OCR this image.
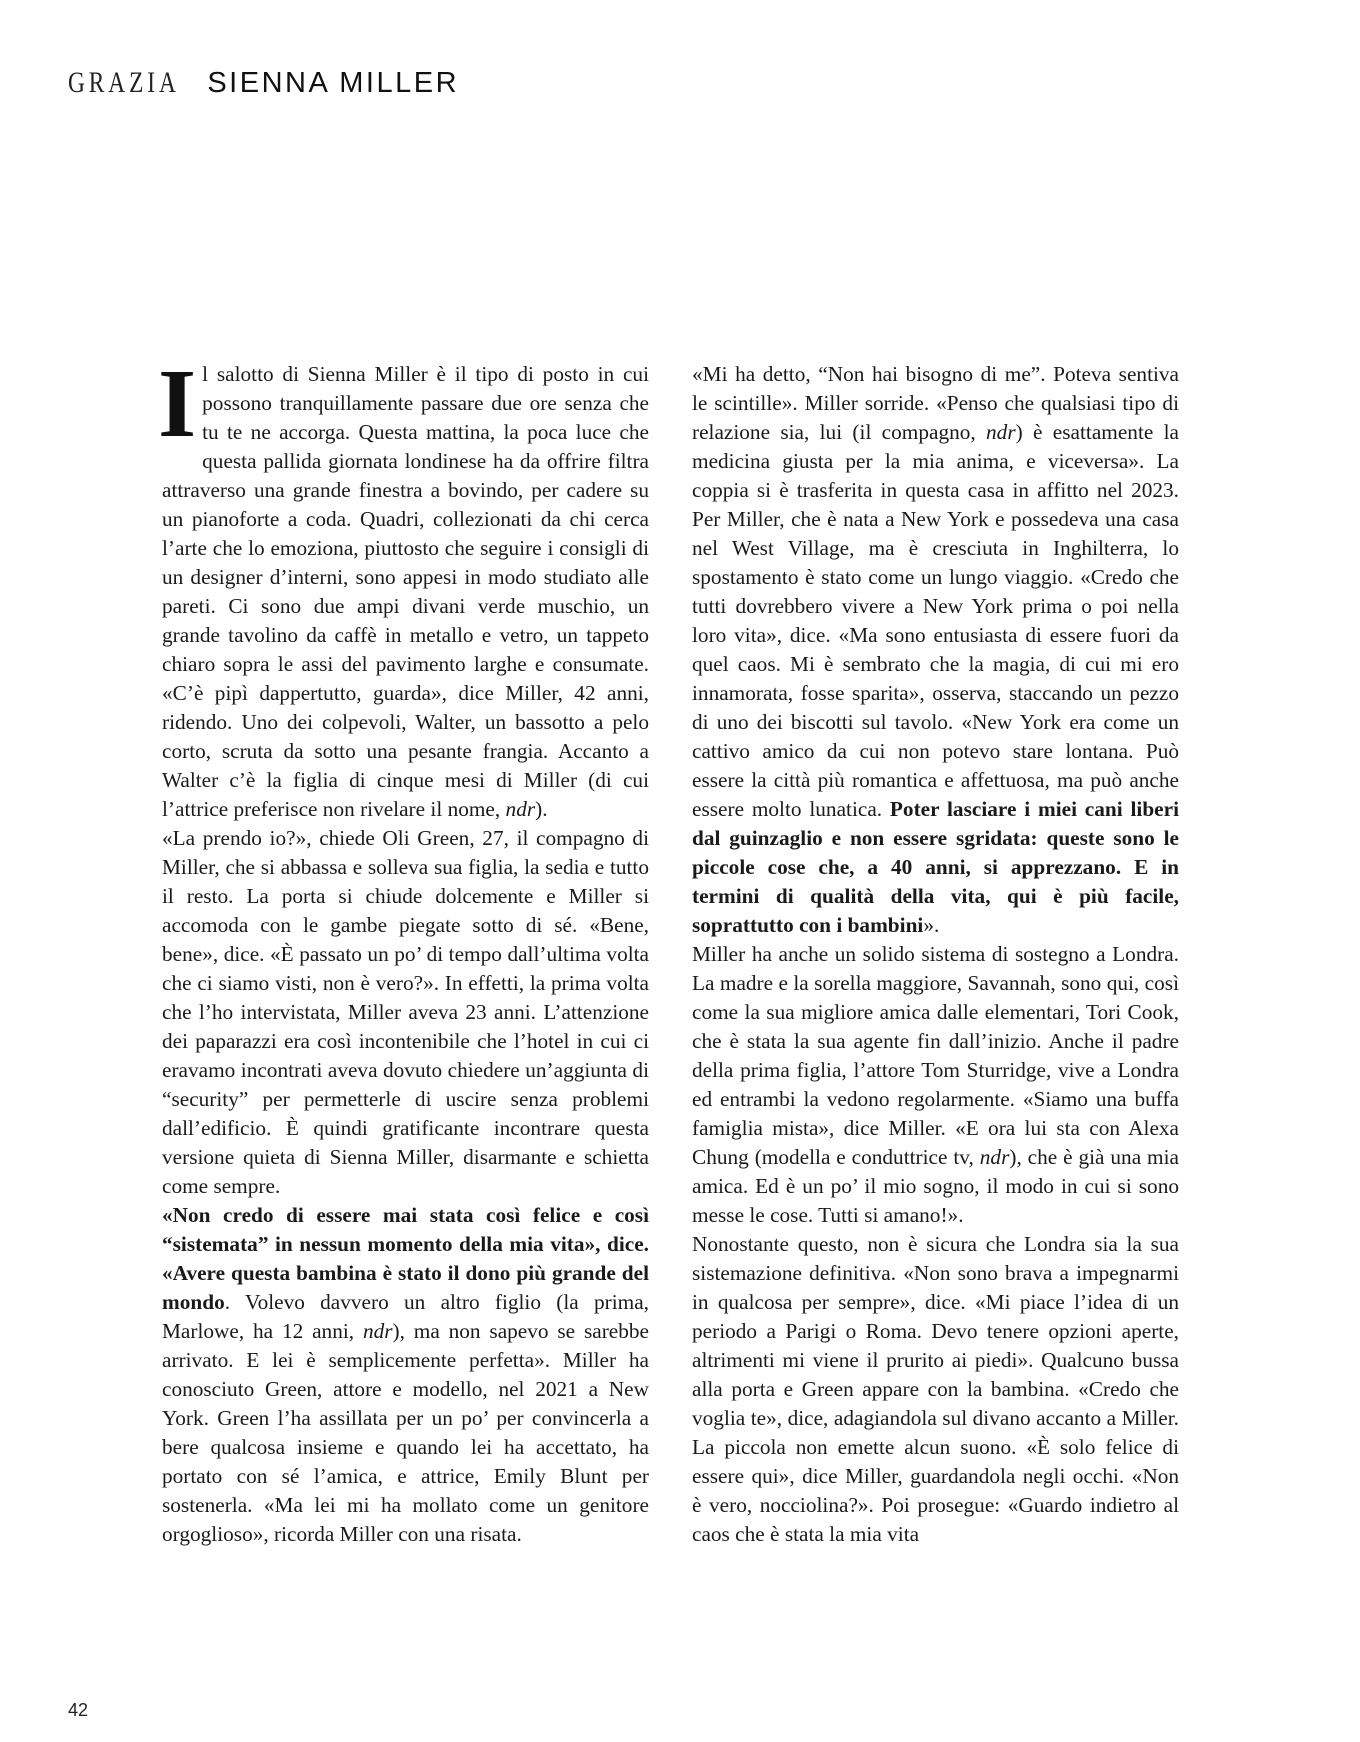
GRAZIA SIENNA MILLER

Il salotto di Sienna Miller è il tipo di posto in cui possono tranquillamente passare due ore senza che tu te ne accorga. Questa mattina, la poca luce che questa pallida giornata londinese ha da offrire filtra attraverso una grande finestra a bovindo, per cadere su un pianoforte a coda. Quadri, collezionati da chi cerca l’arte che lo emoziona, piuttosto che seguire i consigli di un designer d’interni, sono appesi in modo studiato alle pareti. Ci sono due ampi divani verde muschio, un grande tavolino da caffè in metallo e vetro, un tappeto chiaro sopra le assi del pavimento larghe e consumate. «C’è pipì dappertutto, guarda», dice Miller, 42 anni, ridendo. Uno dei colpevoli, Walter, un bassotto a pelo corto, scruta da sotto una pesante frangia. Accanto a Walter c’è la figlia di cinque mesi di Miller (di cui l’attrice preferisce non rivelare il nome, ndr).

«La prendo io?», chiede Oli Green, 27, il compagno di Miller, che si abbassa e solleva sua figlia, la sedia e tutto il resto. La porta si chiude dolcemente e Miller si accomoda con le gambe piegate sotto di sé. «Bene, bene», dice. «È passato un po’ di tempo dall’ultima volta che ci siamo visti, non è vero?». In effetti, la prima volta che l’ho intervistata, Miller aveva 23 anni. L’attenzione dei paparazzi era così incontenibile che l’hotel in cui ci eravamo incontrati aveva dovuto chiedere un’aggiunta di “security” per permetterle di uscire senza problemi dall’edificio. È quindi gratificante incontrare questa versione quieta di Sienna Miller, disarmante e schietta come sempre.

«Non credo di essere mai stata così felice e così “sistemata” in nessun momento della mia vita», dice. «Avere questa bambina è stato il dono più grande del mondo. Volevo davvero un altro figlio (la prima, Marlowe, ha 12 anni, ndr), ma non sapevo se sarebbe arrivato. E lei è semplicemente perfetta». Miller ha conosciuto Green, attore e modello, nel 2021 a New York. Green l’ha assillata per un po’ per convincerla a bere qualcosa insieme e quando lei ha accettato, ha portato con sé l’amica, e attrice, Emily Blunt per sostenerla. «Ma lei mi ha mollato come un genitore orgoglioso», ricorda Miller con una risata.

«Mi ha detto, “Non hai bisogno di me”. Poteva sentiva le scintille». Miller sorride. «Penso che qualsiasi tipo di relazione sia, lui (il compagno, ndr) è esattamente la medicina giusta per la mia anima, e viceversa». La coppia si è trasferita in questa casa in affitto nel 2023. Per Miller, che è nata a New York e possedeva una casa nel West Village, ma è cresciuta in Inghilterra, lo spostamento è stato come un lungo viaggio. «Credo che tutti dovrebbero vivere a New York prima o poi nella loro vita», dice. «Ma sono entusiasta di essere fuori da quel caos. Mi è sembrato che la magia, di cui mi ero innamorata, fosse sparita», osserva, staccando un pezzo di uno dei biscotti sul tavolo. «New York era come un cattivo amico da cui non potevo stare lontana. Può essere la città più romantica e affettuosa, ma può anche essere molto lunatica. Poter lasciare i miei cani liberi dal guinzaglio e non essere sgridata: queste sono le piccole cose che, a 40 anni, si apprezzano. E in termini di qualità della vita, qui è più facile, soprattutto con i bambini».

Miller ha anche un solido sistema di sostegno a Londra. La madre e la sorella maggiore, Savannah, sono qui, così come la sua migliore amica dalle elementari, Tori Cook, che è stata la sua agente fin dall’inizio. Anche il padre della prima figlia, l’attore Tom Sturridge, vive a Londra ed entrambi la vedono regolarmente. «Siamo una buffa famiglia mista», dice Miller. «E ora lui sta con Alexa Chung (modella e conduttrice tv, ndr), che è già una mia amica. Ed è un po’ il mio sogno, il modo in cui si sono messe le cose. Tutti si amano!».

Nonostante questo, non è sicura che Londra sia la sua sistemazione definitiva. «Non sono brava a impegnarmi in qualcosa per sempre», dice. «Mi piace l’idea di un periodo a Parigi o Roma. Devo tenere opzioni aperte, altrimenti mi viene il prurito ai piedi». Qualcuno bussa alla porta e Green appare con la bambina. «Credo che voglia te», dice, adagiandola sul divano accanto a Miller. La piccola non emette alcun suono. «È solo felice di essere qui», dice Miller, guardandola negli occhi. «Non è vero, nocciolina?». Poi prosegue: «Guardo indietro al caos che è stata la mia vita

42
